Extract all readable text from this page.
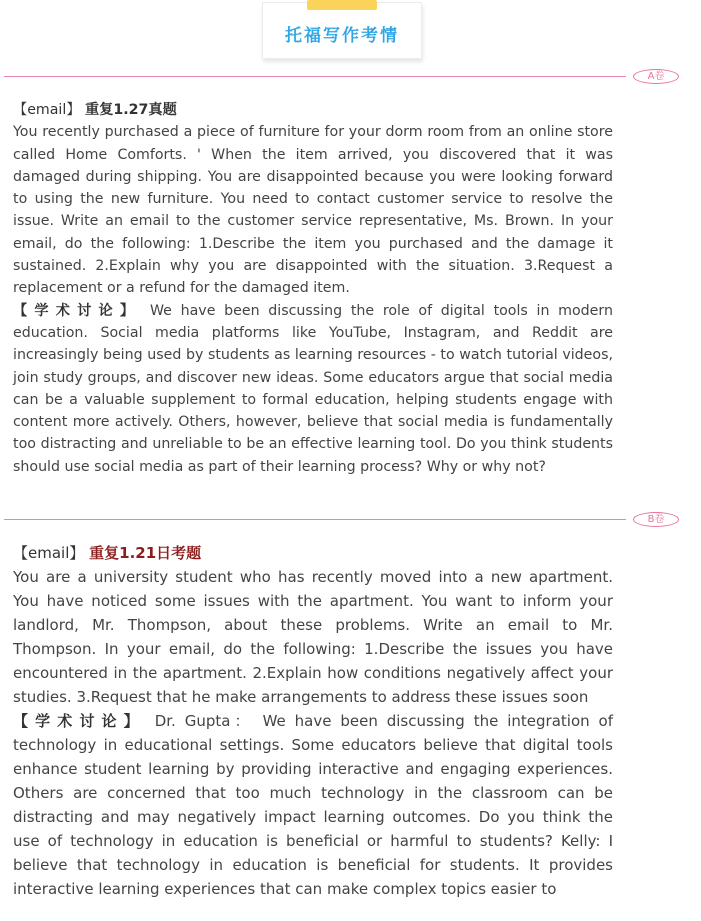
托福写作考情
A卷

【email】 重复1.27真题
You recently purchased a piece of furniture for your dorm room from an online store called Home Comforts. ' When the item arrived, you discovered that it was damaged during shipping. You are disappointed because you were looking forward to using the new furniture. You need to contact customer service to resolve the issue. Write an email to the customer service representative, Ms. Brown. In your email, do the following: 1.Describe the item you purchased and the damage it sustained. 2.Explain why you are disappointed with the situation. 3.Request a replacement or a refund for the damaged item.
【学术讨论】 We have been discussing the role of digital tools in modern education. Social media platforms like YouTube, Instagram, and Reddit are increasingly being used by students as learning resources - to watch tutorial videos, join study groups, and discover new ideas. Some educators argue that social media can be a valuable supplement to formal education, helping students engage with content more actively. Others, however, believe that social media is fundamentally too distracting and unreliable to be an effective learning tool. Do you think students should use social media as part of their learning process? Why or why not?

B卷

【email】 重复1.21日考题
You are a university student who has recently moved into a new apartment. You have noticed some issues with the apartment. You want to inform your landlord, Mr. Thompson, about these problems. Write an email to Mr. Thompson. In your email, do the following: 1.Describe the issues you have encountered in the apartment. 2.Explain how conditions negatively affect your studies. 3.Request that he make arrangements to address these issues soon
【学术讨论】 Dr. Gupta： We have been discussing the integration of technology in educational settings. Some educators believe that digital tools enhance student learning by providing interactive and engaging experiences. Others are concerned that too much technology in the classroom can be distracting and may negatively impact learning outcomes. Do you think the use of technology in education is beneficial or harmful to students? Kelly: I believe that technology in education is beneficial for students. It provides interactive learning experiences that can make complex topics easier to
